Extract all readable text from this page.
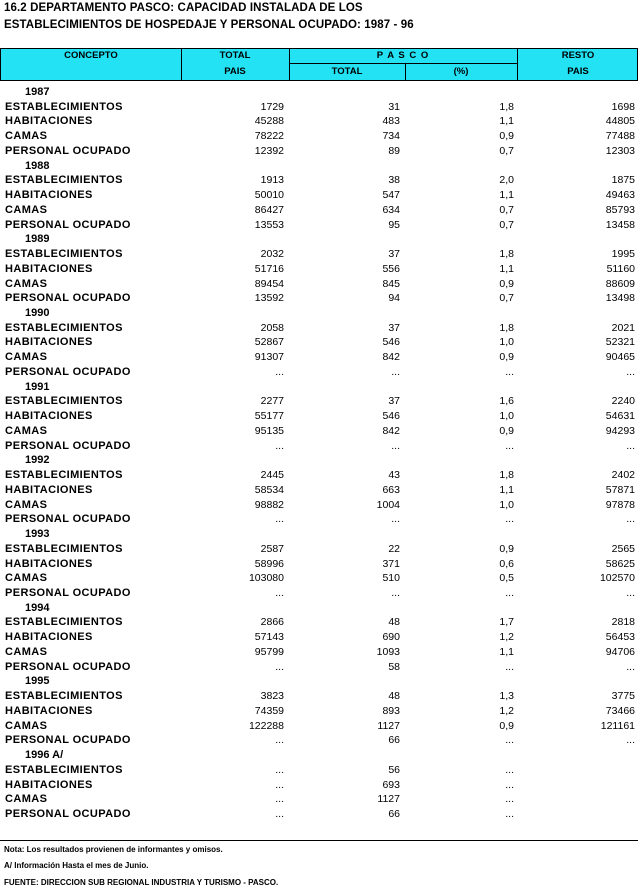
16.2 DEPARTAMENTO PASCO: CAPACIDAD INSTALADA DE LOS
ESTABLECIMIENTOS DE HOSPEDAJE Y PERSONAL OCUPADO: 1987 - 96
CONCEPTO	TOTAL
PAIS
P A S C O
TOTAL	(%)
RESTO
PAIS
1987
ESTABLECIMIENTOS	1729	31	1,8	1698
HABITACIONES	45288	483	1,1	44805
CAMAS	78222	734	0,9	77488
PERSONAL OCUPADO	12392	89	0,7	12303
1988
ESTABLECIMIENTOS	1913	38	2,0	1875
HABITACIONES	50010	547	1,1	49463
CAMAS	86427	634	0,7	85793
PERSONAL OCUPADO	13553	95	0,7	13458
1989
ESTABLECIMIENTOS	2032	37	1,8	1995
HABITACIONES	51716	556	1,1	51160
CAMAS	89454	845	0,9	88609
PERSONAL OCUPADO	13592	94	0,7	13498
1990
ESTABLECIMIENTOS	2058	37	1,8	2021
HABITACIONES	52867	546	1,0	52321
CAMAS	91307	842	0,9	90465
PERSONAL OCUPADO	...	...	...	...
1991
ESTABLECIMIENTOS	2277	37	1,6	2240
HABITACIONES	55177	546	1,0	54631
CAMAS	95135	842	0,9	94293
PERSONAL OCUPADO	...	...	...	...
1992
ESTABLECIMIENTOS	2445	43	1,8	2402
HABITACIONES	58534	663	1,1	57871
CAMAS	98882	1004	1,0	97878
PERSONAL OCUPADO	...	...	...	...
1993
ESTABLECIMIENTOS	2587	22	0,9	2565
HABITACIONES	58996	371	0,6	58625
CAMAS	103080	510	0,5	102570
PERSONAL OCUPADO	...	...	...	...
1994
ESTABLECIMIENTOS	2866	48	1,7	2818
HABITACIONES	57143	690	1,2	56453
CAMAS	95799	1093	1,1	94706
PERSONAL OCUPADO	...	58	...	...
1995
ESTABLECIMIENTOS	3823	48	1,3	3775
HABITACIONES	74359	893	1,2	73466
CAMAS	122288	1127	0,9	121161
PERSONAL OCUPADO	...	66	...	...
1996 A/
ESTABLECIMIENTOS	...	56	...
HABITACIONES	...	693	...
CAMAS	...	1127	...
PERSONAL OCUPADO	...	66	...
Nota: Los resultados provienen de informantes y omisos.
A/ Información Hasta el mes de Junio.
FUENTE: DIRECCION SUB REGIONAL INDUSTRIA Y TURISMO - PASCO.
